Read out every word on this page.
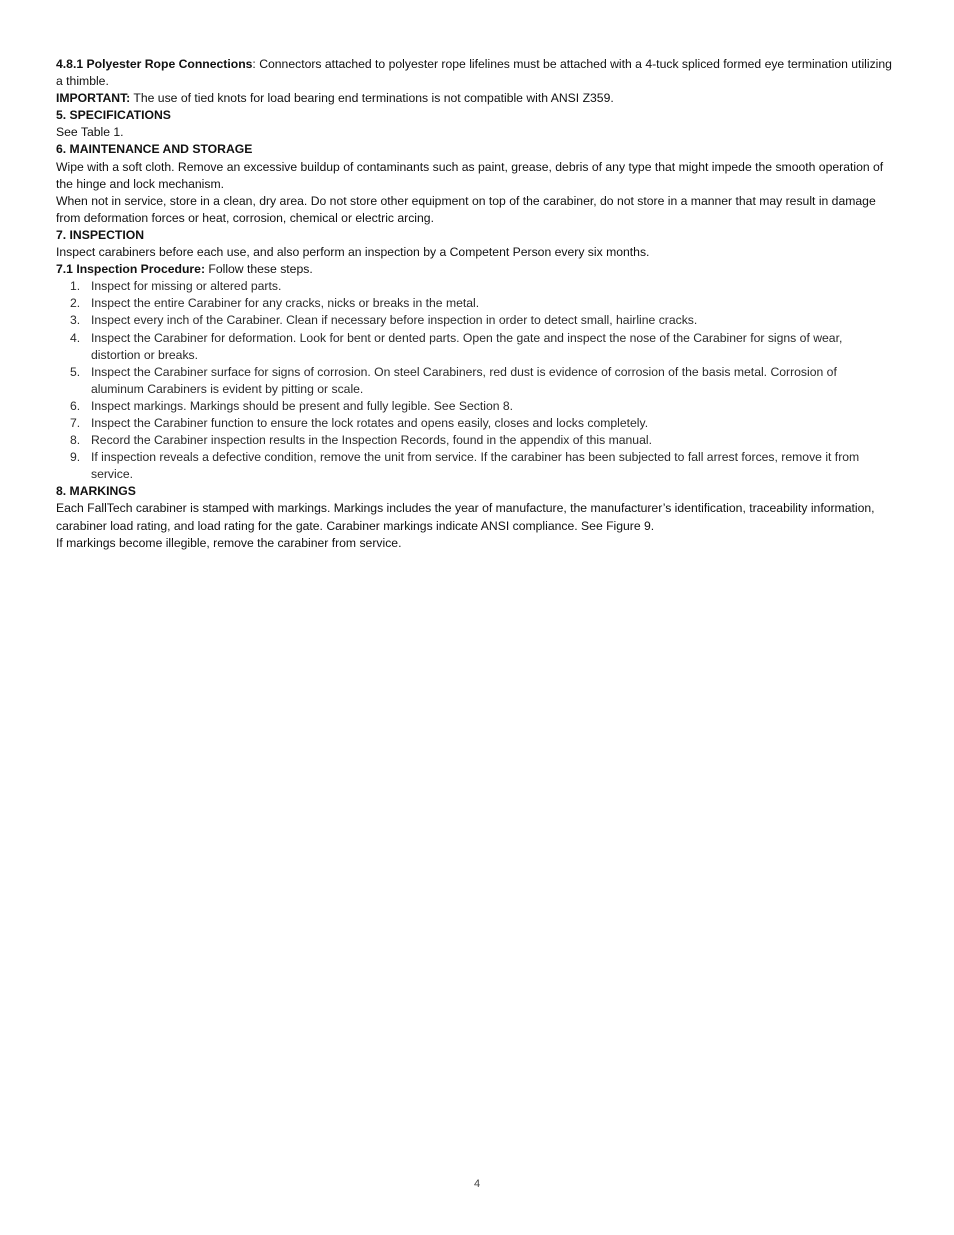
4.8.1 Polyester Rope Connections: Connectors attached to polyester rope lifelines must be attached with a 4-tuck spliced formed eye termination utilizing a thimble.

IMPORTANT: The use of tied knots for load bearing end terminations is not compatible with ANSI Z359.

5. SPECIFICATIONS

See Table 1.

6. MAINTENANCE AND STORAGE

Wipe with a soft cloth. Remove an excessive buildup of contaminants such as paint, grease, debris of any type that might impede the smooth operation of the hinge and lock mechanism.

When not in service, store in a clean, dry area. Do not store other equipment on top of the carabiner, do not store in a manner that may result in damage from deformation forces or heat, corrosion, chemical or electric arcing.

7. INSPECTION

Inspect carabiners before each use, and also perform an inspection by a Competent Person every six months.

7.1 Inspection Procedure: Follow these steps.

1. Inspect for missing or altered parts.
2. Inspect the entire Carabiner for any cracks, nicks or breaks in the metal.
3. Inspect every inch of the Carabiner. Clean if necessary before inspection in order to detect small, hairline cracks.
4. Inspect the Carabiner for deformation. Look for bent or dented parts. Open the gate and inspect the nose of the Carabiner for signs of wear, distortion or breaks.
5. Inspect the Carabiner surface for signs of corrosion. On steel Carabiners, red dust is evidence of corrosion of the basis metal. Corrosion of aluminum Carabiners is evident by pitting or scale.
6. Inspect markings. Markings should be present and fully legible. See Section 8.
7. Inspect the Carabiner function to ensure the lock rotates and opens easily, closes and locks completely.
8. Record the Carabiner inspection results in the Inspection Records, found in the appendix of this manual.
9. If inspection reveals a defective condition, remove the unit from service. If the carabiner has been subjected to fall arrest forces, remove it from service.

8. MARKINGS

Each FallTech carabiner is stamped with markings. Markings includes the year of manufacture, the manufacturer’s identification, traceability information, carabiner load rating, and load rating for the gate. Carabiner markings indicate ANSI compliance. See Figure 9.

If markings become illegible, remove the carabiner from service.

4
